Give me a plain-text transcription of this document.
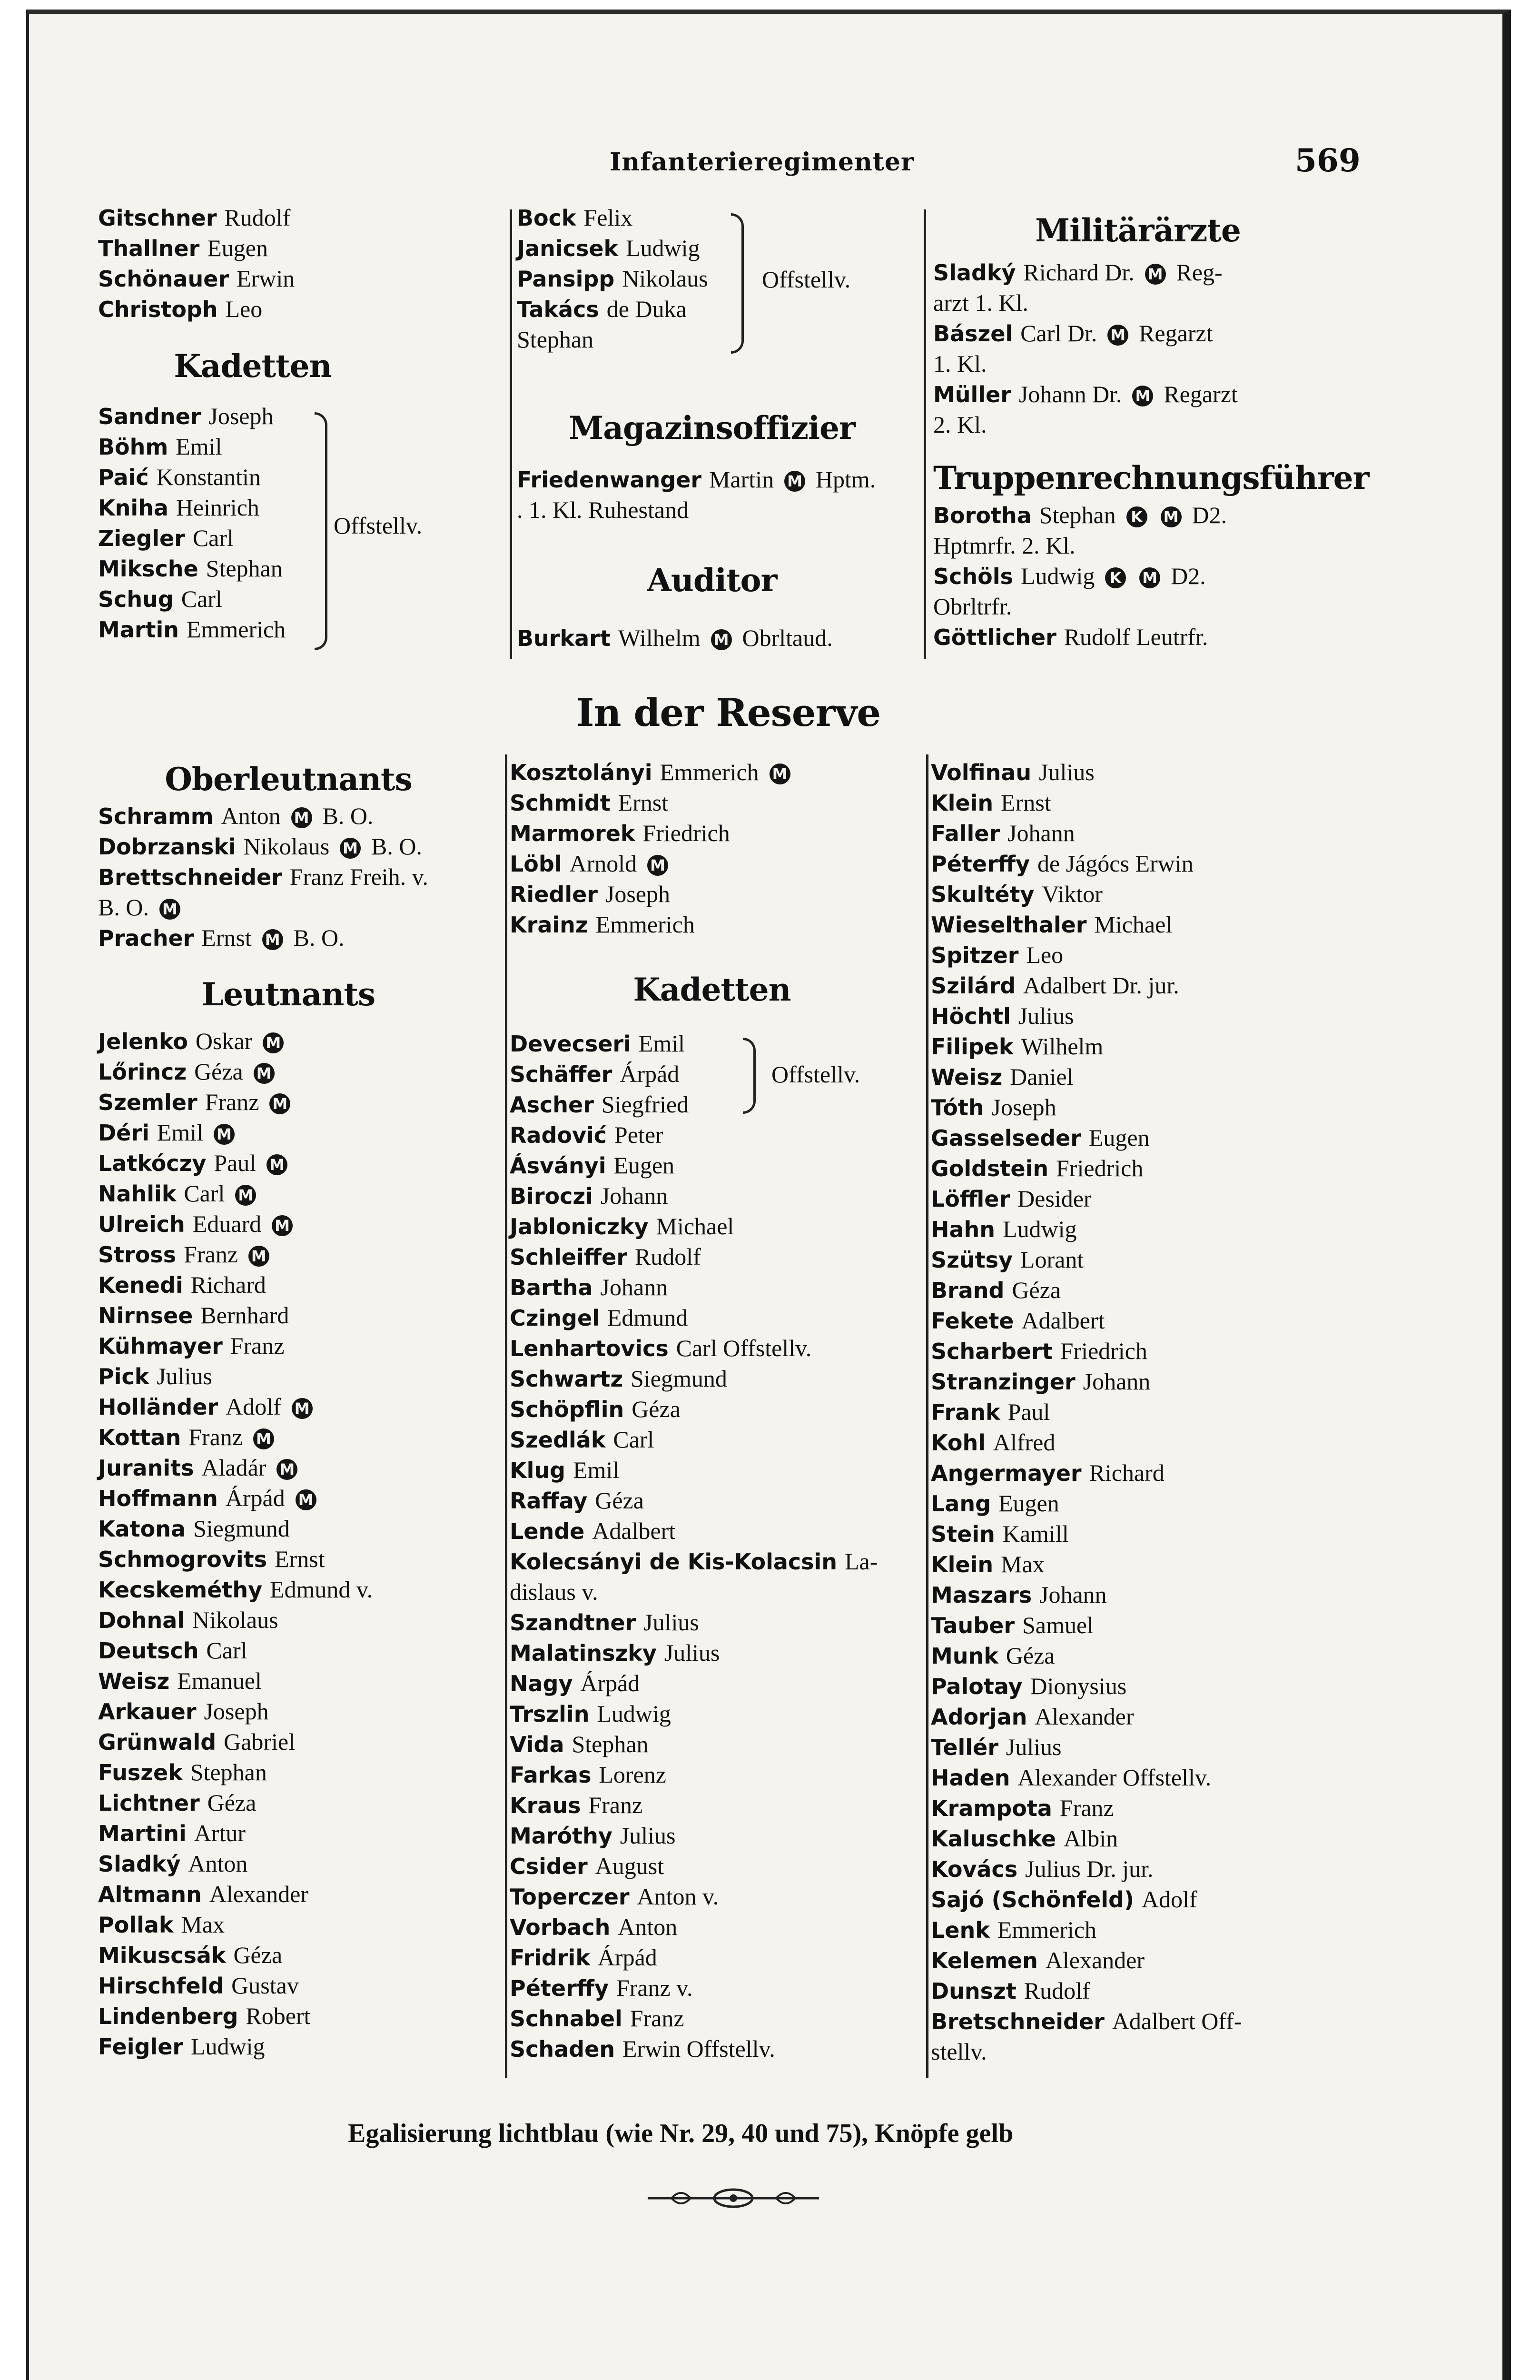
Infanterieregimenter	569
Gitschner Rudolf
Thallner Eugen
Schönauer Erwin
Christoph Leo
Kadetten
Sandner Joseph
Böhm Emil
Paić Konstantin
Kniha Heinrich
Ziegler Carl
Miksche Stephan
Schug Carl
Martin Emmerich
Offstellv.
Bock Felix
Janicsek Ludwig
Pansipp Nikolaus
Takács de Duka
Stephan
Offstellv.
Magazinsoffizier
Friedenwanger Martin M Hptm.
. 1. Kl. Ruhestand
Auditor
Burkart Wilhelm M Obrltaud.
Militärärzte
Sladký Richard Dr. M Reg-
arzt 1. Kl.
Bászel Carl Dr. M Regarzt
1. Kl.
Müller Johann Dr. M Regarzt
2. Kl.
Truppenrechnungsführer
Borotha Stephan K M D2.
Hptmrfr. 2. Kl.
Schöls Ludwig K M D2.
Obrltrfr.
Göttlicher Rudolf Leutrfr.
In der Reserve
Oberleutnants
Schramm Anton M B. O.
Dobrzanski Nikolaus M B. O.
Brettschneider Franz Freih. v.
B. O. M
Pracher Ernst M B. O.
Leutnants
Jelenko Oskar M
Lőrincz Géza M
Szemler Franz M
Déri Emil M
Latkóczy Paul M
Nahlik Carl M
Ulreich Eduard M
Stross Franz M
Kenedi Richard
Nirnsee Bernhard
Kühmayer Franz
Pick Julius
Holländer Adolf M
Kottan Franz M
Juranits Aladár M
Hoffmann Árpád M
Katona Siegmund
Schmogrovits Ernst
Kecskeméthy Edmund v.
Dohnal Nikolaus
Deutsch Carl
Weisz Emanuel
Arkauer Joseph
Grünwald Gabriel
Fuszek Stephan
Lichtner Géza
Martini Artur
Sladký Anton
Altmann Alexander
Pollak Max
Mikuscsák Géza
Hirschfeld Gustav
Lindenberg Robert
Feigler Ludwig
Kosztolányi Emmerich M
Schmidt Ernst
Marmorek Friedrich
Löbl Arnold M
Riedler Joseph
Krainz Emmerich
Kadetten
Devecseri Emil
Schäffer Árpád
Ascher Siegfried
Radović Peter
Ásványi Eugen
Biroczi Johann
Jabloniczky Michael
Schleiffer Rudolf
Bartha Johann
Czingel Edmund
Lenhartovics Carl Offstellv.
Schwartz Siegmund
Schöpflin Géza
Szedlák Carl
Klug Emil
Raffay Géza
Lende Adalbert
Kolecsányi de Kis-Kolacsin La-
dislaus v.
Szandtner Julius
Malatinszky Julius
Nagy Árpád
Trszlin Ludwig
Vida Stephan
Farkas Lorenz
Kraus Franz
Maróthy Julius
Csider August
Toperczer Anton v.
Vorbach Anton
Fridrik Árpád
Péterffy Franz v.
Schnabel Franz
Schaden Erwin Offstellv.
Offstellv.
Volfinau Julius
Klein Ernst
Faller Johann
Péterffy de Jágócs Erwin
Skultéty Viktor
Wieselthaler Michael
Spitzer Leo
Szilárd Adalbert Dr. jur.
Höchtl Julius
Filipek Wilhelm
Weisz Daniel
Tóth Joseph
Gasselseder Eugen
Goldstein Friedrich
Löffler Desider
Hahn Ludwig
Szütsy Lorant
Brand Géza
Fekete Adalbert
Scharbert Friedrich
Stranzinger Johann
Frank Paul
Kohl Alfred
Angermayer Richard
Lang Eugen
Stein Kamill
Klein Max
Maszars Johann
Tauber Samuel
Munk Géza
Palotay Dionysius
Adorjan Alexander
Tellér Julius
Haden Alexander Offstellv.
Krampota Franz
Kaluschke Albin
Kovács Julius Dr. jur.
Sajó (Schönfeld) Adolf
Lenk Emmerich
Kelemen Alexander
Dunszt Rudolf
Bretschneider Adalbert Off-
stellv.
Egalisierung lichtblau (wie Nr. 29, 40 und 75), Knöpfe gelb
